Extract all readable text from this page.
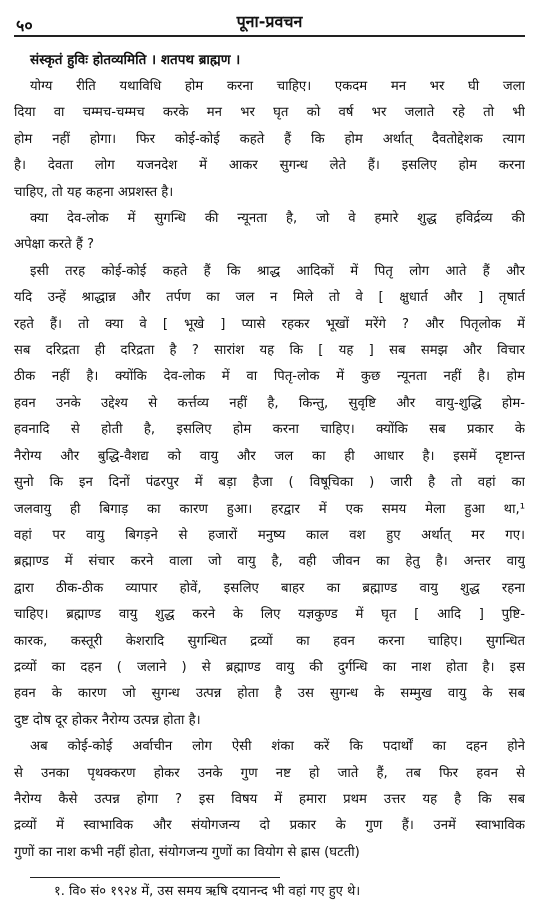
५०	पूना-प्रवचन
संस्कृतं हुविः होतव्यमिति । शतपथ ब्राह्मण ।

योग्य रीति यथाविधि होम करना चाहिए। एकदम मन भर घी जला
दिया वा चम्मच-चम्मच करके मन भर घृत को वर्ष भर जलाते रहे तो भी
होम नहीं होगा। फिर कोई-कोई कहते हैं कि होम अर्थात् दैवतोद्देशक त्याग
है। देवता लोग यजनदेश में आकर सुगन्ध लेते हैं। इसलिए होम करना
चाहिए, तो यह कहना अप्रशस्त है।

क्या देव-लोक में सुगन्धि की न्यूनता है, जो वे हमारे शुद्ध हविर्द्रव्य की
अपेक्षा करते हैं ?

इसी तरह कोई-कोई कहते हैं कि श्राद्ध आदिकों में पितृ लोग आते हैं और
यदि उन्हें श्राद्धान्न और तर्पण का जल न मिले तो वे [ क्षुधार्त और ] तृषार्त
रहते हैं। तो क्या वे [ भूखे ] प्यासे रहकर भूखों मरेंगे ? और पितृलोक में
सब दरिद्रता ही दरिद्रता है ? सारांश यह कि [ यह ] सब समझ और विचार
ठीक नहीं है। क्योंकि देव-लोक में वा पितृ-लोक में कुछ न्यूनता नहीं है। होम
हवन उनके उद्देश्य से कर्त्तव्य नहीं है, किन्तु, सुवृष्टि और वायु-शुद्धि होम-
हवनादि से होती है, इसलिए होम करना चाहिए। क्योंकि सब प्रकार के
नैरोग्य और बुद्धि-वैशद्य को वायु और जल का ही आधार है। इसमें दृष्टान्त
सुनो कि इन दिनों पंढरपुर में बड़ा हैजा ( विषूचिका ) जारी है तो वहां का
जलवायु ही बिगाड़ का कारण हुआ। हरद्वार में एक समय मेला हुआ था,¹
वहां पर वायु बिगड़ने से हजारों मनुष्य काल वश हुए अर्थात् मर गए।
ब्रह्माण्ड में संचार करने वाला जो वायु है, वही जीवन का हेतु है। अन्तर वायु
द्वारा ठीक-ठीक व्यापार होवें, इसलिए बाहर का ब्रह्माण्ड वायु शुद्ध रहना
चाहिए। ब्रह्माण्ड वायु शुद्ध करने के लिए यज्ञकुण्ड में घृत [ आदि ] पुष्टि-
कारक, कस्तूरी केशरादि सुगन्धित द्रव्यों का हवन करना चाहिए। सुगन्धित
द्रव्यों का दहन ( जलाने ) से ब्रह्माण्ड वायु की दुर्गन्धि का नाश होता है। इस
हवन के कारण जो सुगन्ध उत्पन्न होता है उस सुगन्ध के सम्मुख वायु के सब
दुष्ट दोष दूर होकर नैरोग्य उत्पन्न होता है।

अब कोई-कोई अर्वाचीन लोग ऐसी शंका करें कि पदार्थों का दहन होने
से उनका पृथक्करण होकर उनके गुण नष्ट हो जाते हैं, तब फिर हवन से
नैरोग्य कैसे उत्पन्न होगा ? इस विषय में हमारा प्रथम उत्तर यह है कि सब
द्रव्यों में स्वाभाविक और संयोगजन्य दो प्रकार के गुण हैं। उनमें स्वाभाविक
गुणों का नाश कभी नहीं होता, संयोगजन्य गुणों का वियोग से ह्रास (घटती)

१. वि० सं० १९२४ में, उस समय ऋषि दयानन्द भी वहां गए हुए थे।
